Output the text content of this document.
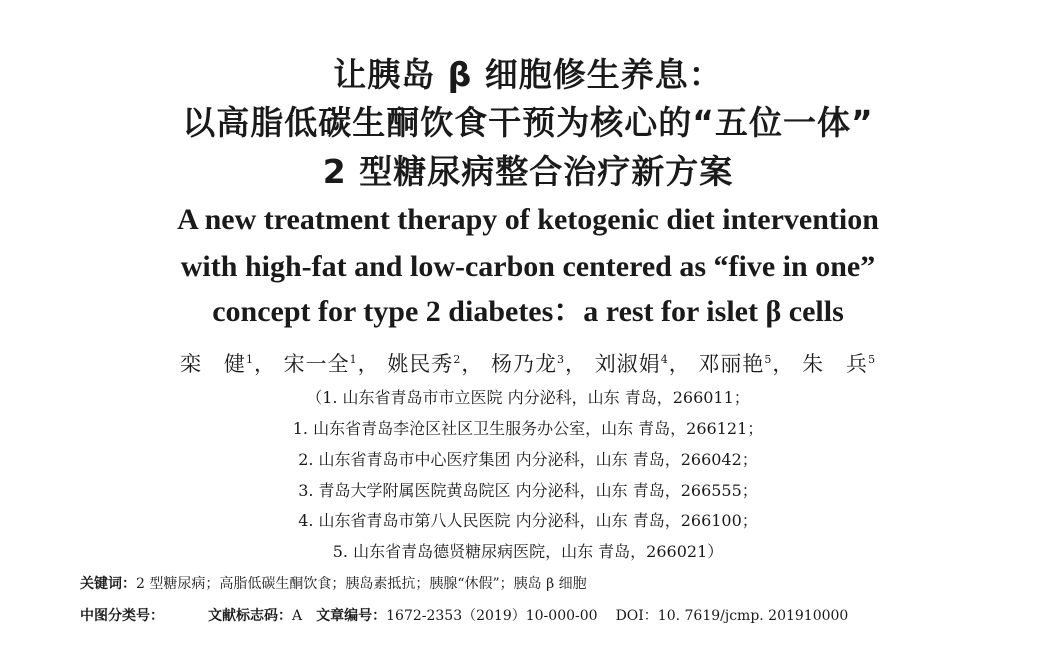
让胰岛 β 细胞修生养息：
以高脂低碳生酮饮食干预为核心的“五位一体”
2 型糖尿病整合治疗新方案
A new treatment therapy of ketogenic diet intervention
with high-fat and low-carbon centered as “five in one”
concept for type 2 diabetes：a rest for islet β cells
栾　健$^1$， 宋一全$^1$， 姚民秀$^2$， 杨乃龙$^3$， 刘淑娟$^4$， 邓丽艳$^5$， 朱　兵$^5$
（1. 山东省青岛市市立医院 内分泌科，山东 青岛，266011；
1. 山东省青岛李沧区社区卫生服务办公室，山东 青岛，266121；
2. 山东省青岛市中心医疗集团 内分泌科，山东 青岛，266042；
3. 青岛大学附属医院黄岛院区 内分泌科，山东 青岛，266555；
4. 山东省青岛市第八人民医院 内分泌科，山东 青岛，266100；
5. 山东省青岛德贤糖尿病医院，山东 青岛，266021）
关键词：2 型糖尿病；高脂低碳生酮饮食；胰岛素抵抗；胰腺“休假”；胰岛 β 细胞
中图分类号：	文献标志码：A 文章编号：1672-2353（2019）10-000-00 DOI：10. 7619/jcmp. 201910000
